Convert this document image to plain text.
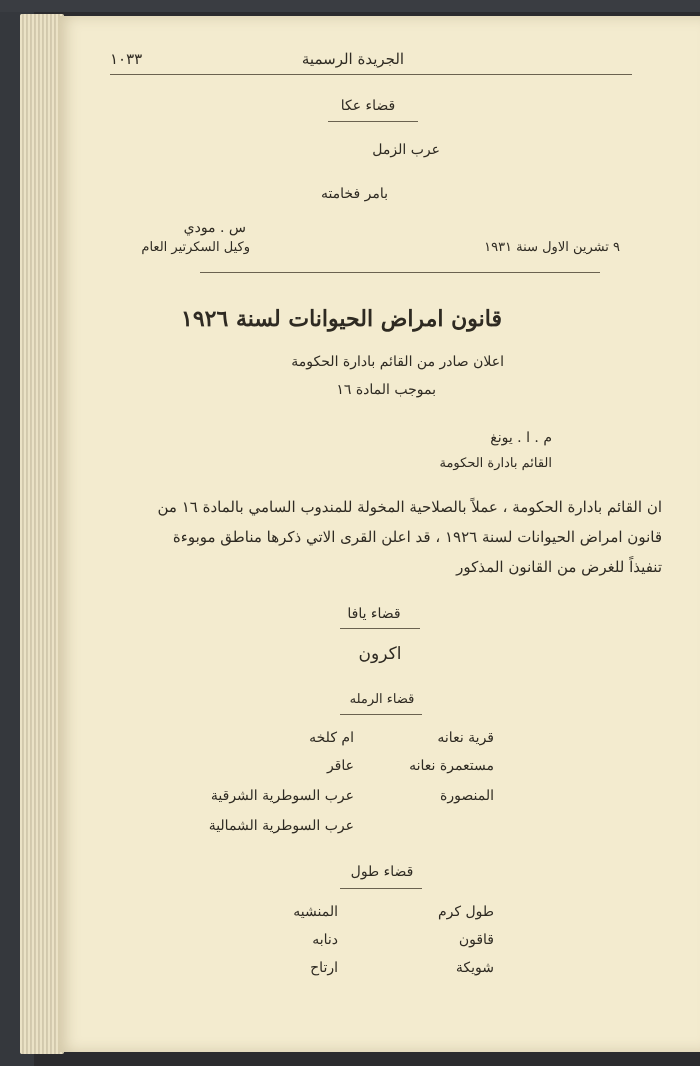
الجريدة الرسمية
١٠٣٣
قضاء عكا
عرب الزمل
بامر فخامته
س . مودي
٩ تشرين الاول سنة ١٩٣١
وكيل السكرتير العام
قانون امراض الحيوانات لسنة ١٩٢٦
اعلان صادر من القائم بادارة الحكومة
بموجب المادة ١٦
م . ا . يونغ
القائم بادارة الحكومة
ان القائم بادارة الحكومة ، عملاً بالصلاحية المخولة للمندوب السامي بالمادة ١٦ من
قانون امراض الحيوانات لسنة ١٩٢٦ ، قد اعلن القرى الاتي ذكرها مناطق موبوءة
تنفيذاً للغرض من القانون المذكور
قضاء يافا
اكرون
قضاء الرمله
قرية نعانه
مستعمرة نعانه
المنصورة
ام كلخه
عاقر
عرب السوطرية الشرقية
عرب السوطرية الشمالية
قضاء طول
طول كرم
قاقون
شويكة
المنشيه
دنابه
ارتاح
